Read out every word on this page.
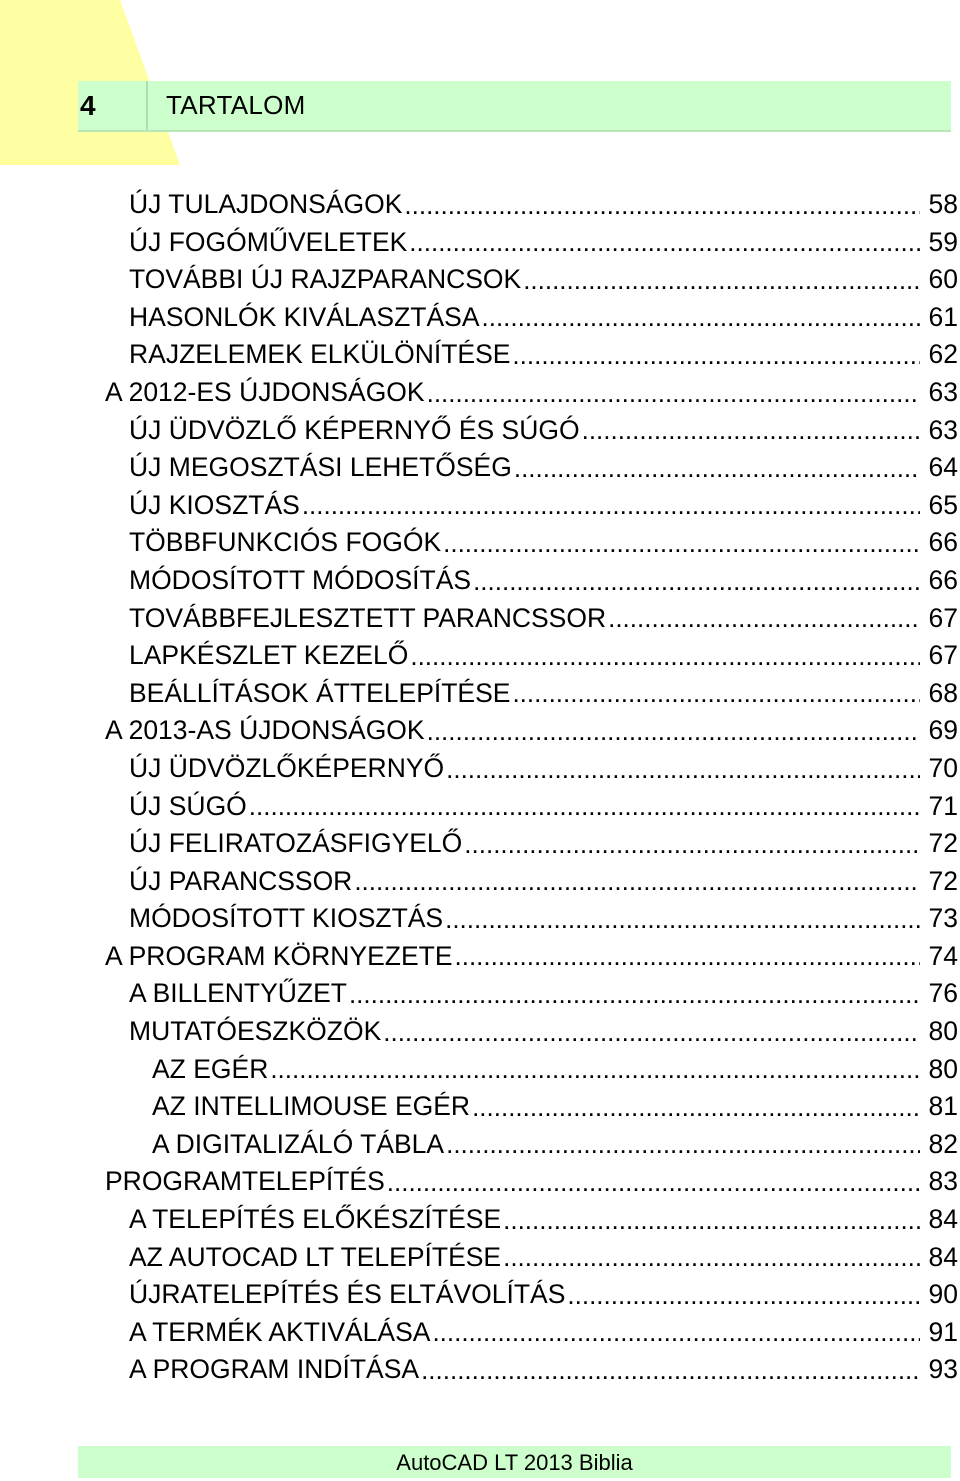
4	TARTALOM
ÚJ TULAJDONSÁGOK .....	58
ÚJ FOGÓMŰVELETEK .....	59
TOVÁBBI ÚJ RAJZPARANCSOK .....	60
HASONLÓK KIVÁLASZTÁSA .....	61
RAJZELEMEK ELKÜLÖNÍTÉSE .....	62
A 2012-ES ÚJDONSÁGOK .....	63
ÚJ ÜDVÖZLŐ KÉPERNYŐ ÉS SÚGÓ .....	63
ÚJ MEGOSZTÁSI LEHETŐSÉG .....	64
ÚJ KIOSZTÁS .....	65
TÖBBFUNKCIÓS FOGÓK .....	66
MÓDOSÍTOTT MÓDOSÍTÁS .....	66
TOVÁBBFEJLESZTETT PARANCSSOR .....	67
LAPKÉSZLET KEZELŐ .....	67
BEÁLLÍTÁSOK ÁTTELEPÍTÉSE .....	68
A 2013-AS ÚJDONSÁGOK .....	69
ÚJ ÜDVÖZLŐKÉPERNYŐ .....	70
ÚJ SÚGÓ .....	71
ÚJ FELIRATOZÁSFIGYELŐ .....	72
ÚJ PARANCSSOR .....	72
MÓDOSÍTOTT KIOSZTÁS .....	73
A PROGRAM KÖRNYEZETE .....	74
A BILLENTYŰZET .....	76
MUTATÓESZKÖZÖK .....	80
AZ EGÉR .....	80
AZ INTELLIMOUSE EGÉR .....	81
A DIGITALIZÁLÓ TÁBLA .....	82
PROGRAMTELEPÍTÉS .....	83
A TELEPÍTÉS ELŐKÉSZÍTÉSE .....	84
AZ AUTOCAD LT TELEPÍTÉSE .....	84
ÚJRATELEPÍTÉS ÉS ELTÁVOLÍTÁS .....	90
A TERMÉK AKTIVÁLÁSA .....	91
A PROGRAM INDÍTÁSA .....	93
AutoCAD LT 2013 Biblia
